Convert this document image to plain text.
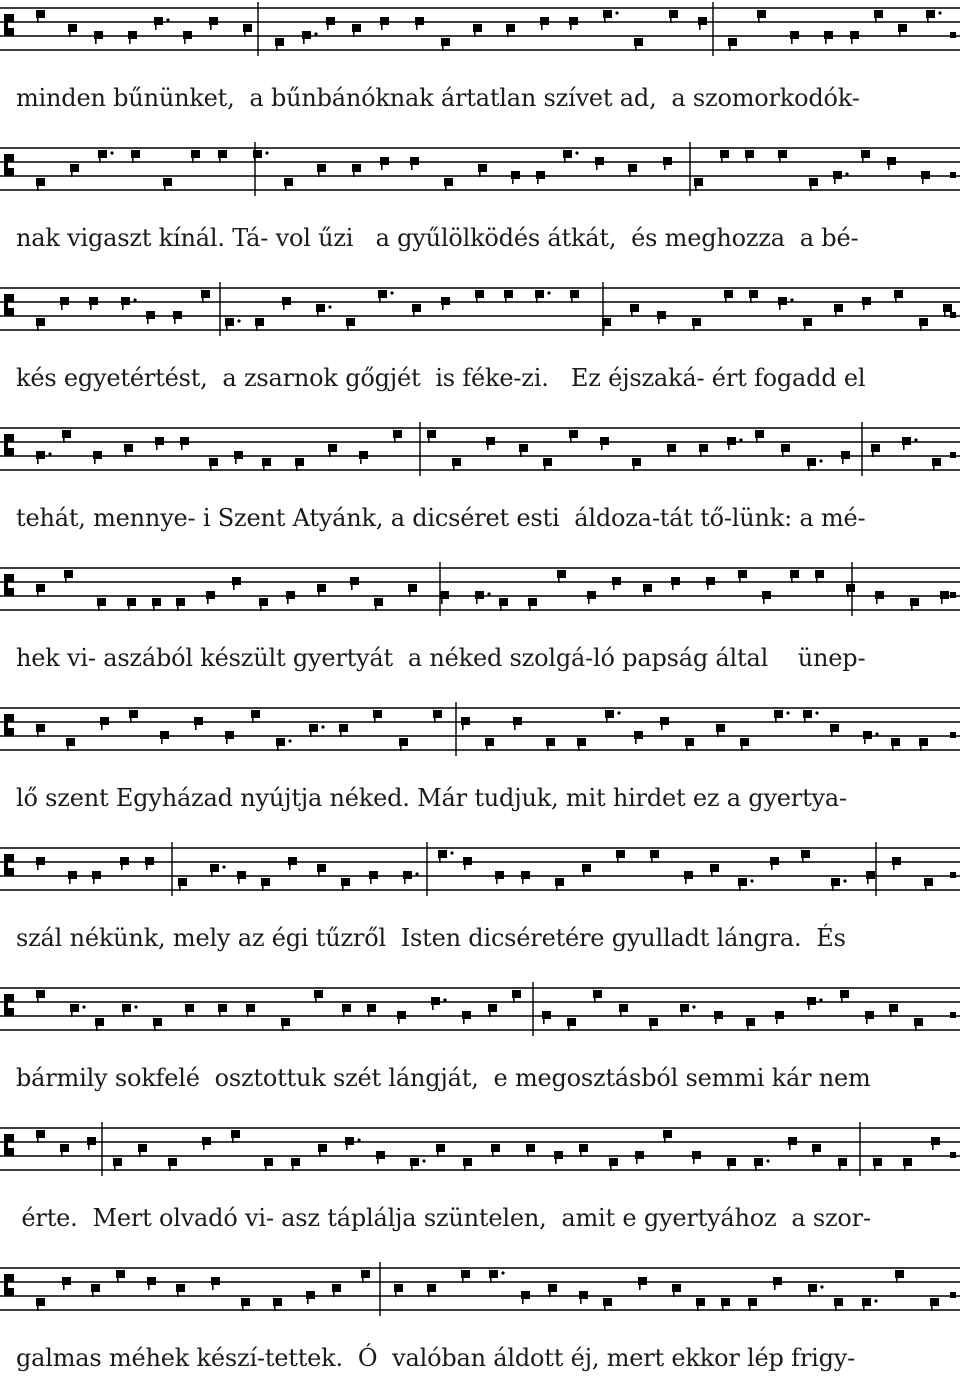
minden bűnünket,  a bűnbánóknak ártatlan szívet ad,  a szomorkodók-
nak vigaszt kínál. Tá- vol űzi   a gyűlölködés átkát,  és meghozza  a bé-
kés egyetértést,  a zsarnok gőgjét  is féke-zi.   Ez éjszaká- ért fogadd el
tehát, mennye- i Szent Atyánk, a dicséret esti  áldoza-tát tő-lünk: a mé-
hek vi- aszából készült gyertyát  a néked szolgá-ló papság által    ünep-
lő szent Egyházad nyújtja néked. Már tudjuk, mit hirdet ez a gyertya-
szál nékünk, mely az égi tűzről  Isten dicséretére gyulladt lángra.  És
bármily sokfelé  osztottuk szét lángját,  e megosztásból semmi kár nem
érte.  Mert olvadó vi- asz táplálja szüntelen,  amit e gyertyához  a szor-
galmas méhek készí-tettek.  Ó  valóban áldott éj, mert ekkor lép frigy-
